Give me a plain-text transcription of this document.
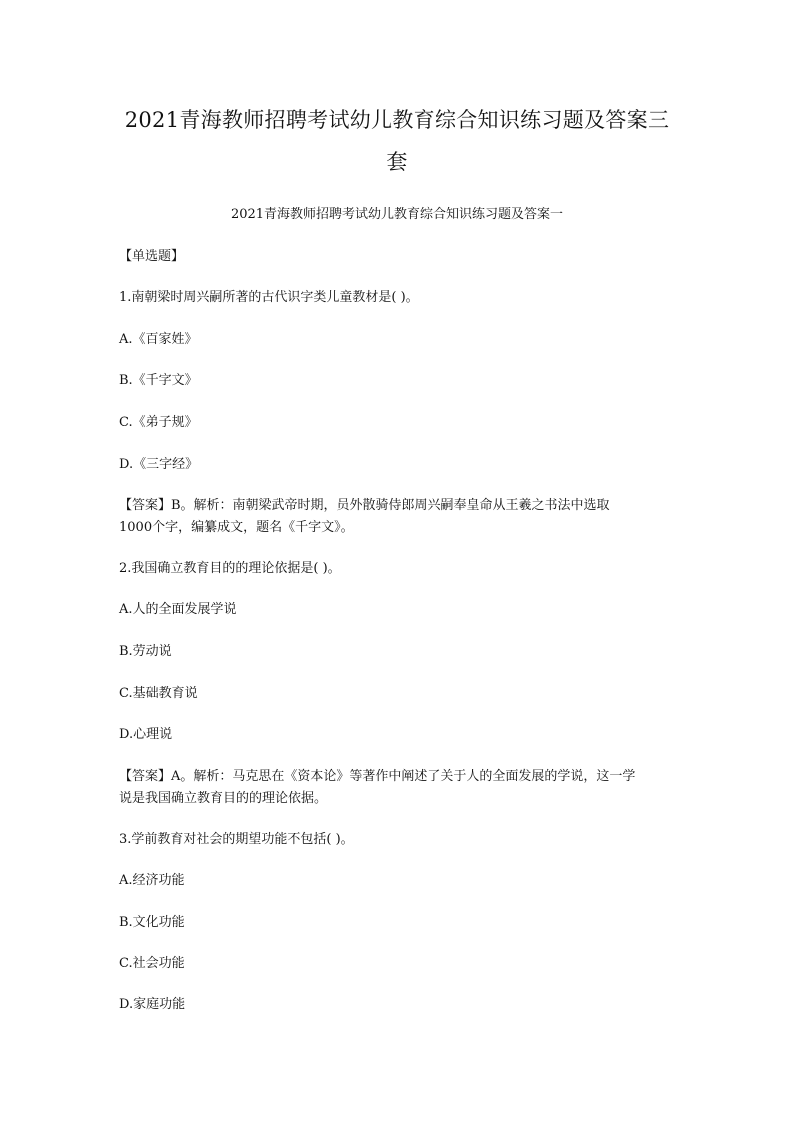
2021青海教师招聘考试幼儿教育综合知识练习题及答案三
套
2021青海教师招聘考试幼儿教育综合知识练习题及答案一
【单选题】
1.南朝梁时周兴嗣所著的古代识字类儿童教材是( )。
A.《百家姓》
B.《千字文》
C.《弟子规》
D.《三字经》
【答案】B。解析：南朝梁武帝时期，员外散骑侍郎周兴嗣奉皇命从王羲之书法中选取
1000个字，编纂成文，题名《千字文》。
2.我国确立教育目的的理论依据是( )。
A.人的全面发展学说
B.劳动说
C.基础教育说
D.心理说
【答案】A。解析：马克思在《资本论》等著作中阐述了关于人的全面发展的学说，这一学
说是我国确立教育目的的理论依据。
3.学前教育对社会的期望功能不包括( )。
A.经济功能
B.文化功能
C.社会功能
D.家庭功能
